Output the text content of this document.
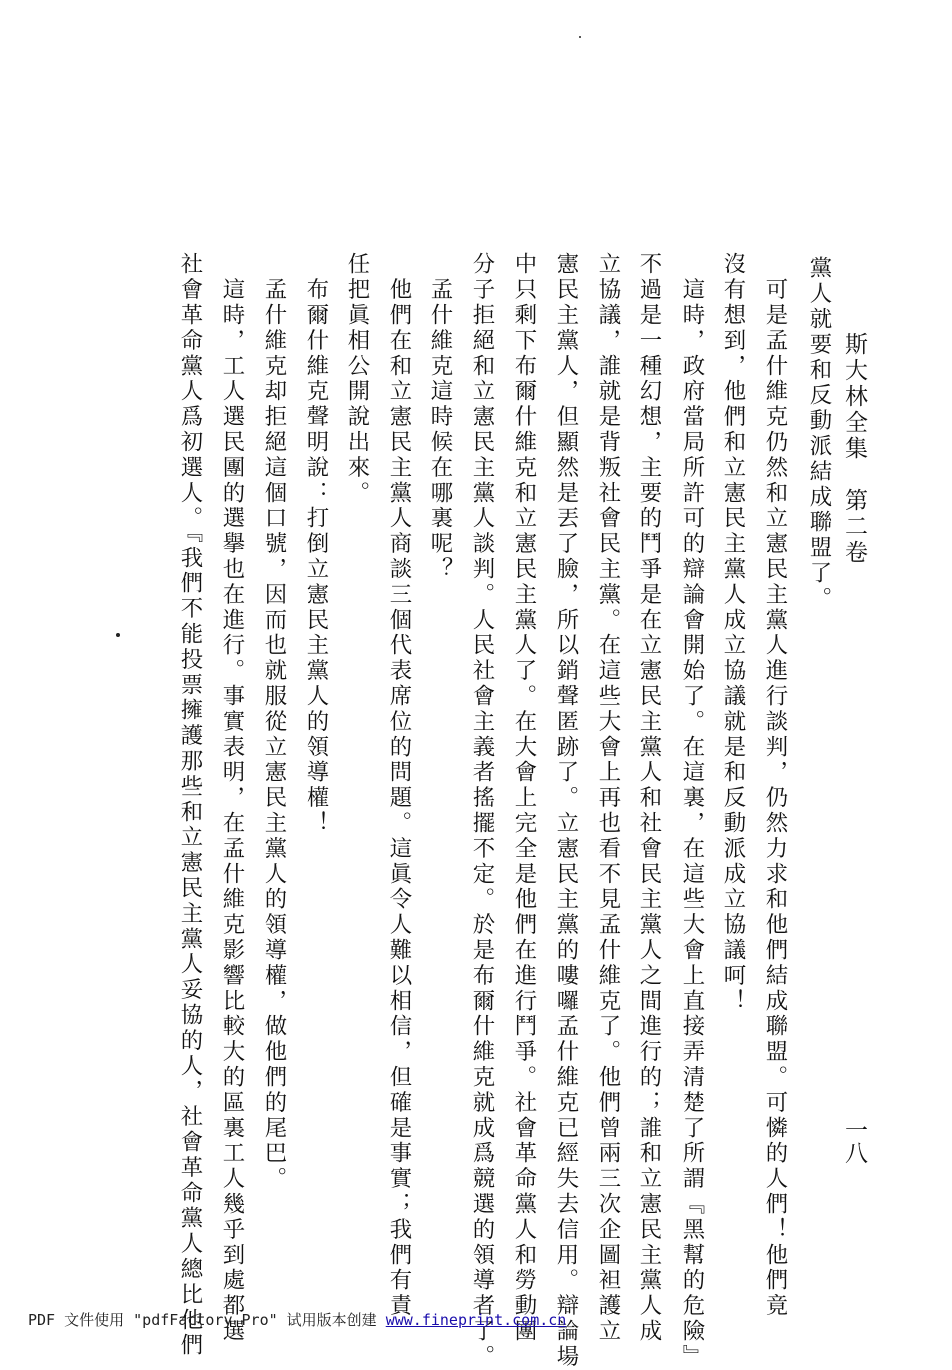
斯大林全集　第二卷
一八
黨人就要和反動派結成聯盟了。
　可是孟什維克仍然和立憲民主黨人進行談判，仍然力求和他們結成聯盟。可憐的人們！他們竟
沒有想到，他們和立憲民主黨人成立協議就是和反動派成立協議呵！
　這時，政府當局所許可的辯論會開始了。在這裏，在這些大會上直接弄清楚了所謂『黑幫的危險』
不過是一種幻想，主要的鬥爭是在立憲民主黨人和社會民主黨人之間進行的；誰和立憲民主黨人成
立協議，誰就是背叛社會民主黨。在這些大會上再也看不見孟什維克了。他們曾兩三次企圖袒護立
憲民主黨人，但顯然是丟了臉，所以銷聲匿跡了。立憲民主黨的嘍囉孟什維克已經失去信用。辯論場
中只剩下布爾什維克和立憲民主黨人了。在大會上完全是他們在進行鬥爭。社會革命黨人和勞動團
分子拒絕和立憲民主黨人談判。人民社會主義者搖擺不定。於是布爾什維克就成爲競選的領導者了。
　孟什維克這時候在哪裏呢？
　他們在和立憲民主黨人商談三個代表席位的問題。這眞令人難以相信，但確是事實；我們有責
任把眞相公開說出來。
　布爾什維克聲明說：打倒立憲民主黨人的領導權！
　孟什維克却拒絕這個口號，因而也就服從立憲民主黨人的領導權，做他們的尾巴。
　這時，工人選民團的選擧也在進行。事實表明，在孟什維克影響比較大的區裏工人幾乎到處都選
社會革命黨人爲初選人。『我們不能投票擁護那些和立憲民主黨人妥協的人，社會革命黨人總比他們
PDF 文件使用 "pdfFactory Pro" 试用版本创建 www.fineprint.com.cn
